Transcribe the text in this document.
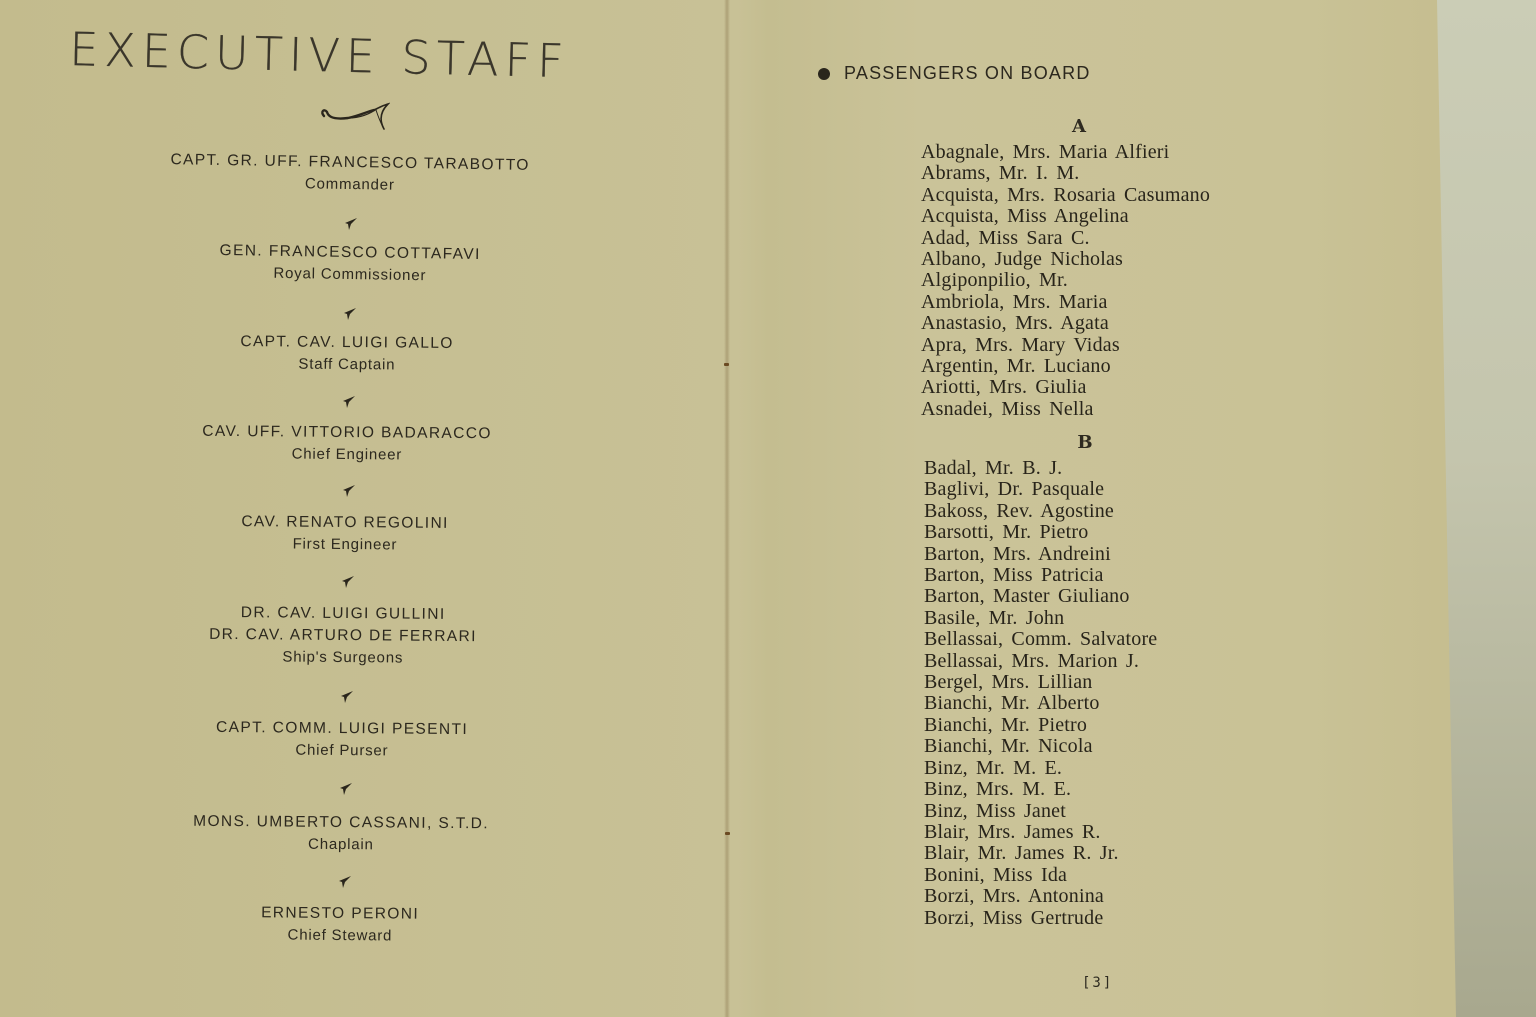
EXECUTIVE STAFF
CAPT. GR. UFF. FRANCESCO TARABOTTO
Commander
GEN. FRANCESCO COTTAFAVI
Royal Commissioner
CAPT. CAV. LUIGI GALLO
Staff Captain
CAV. UFF. VITTORIO BADARACCO
Chief Engineer
CAV. RENATO REGOLINI
First Engineer
DR. CAV. LUIGI GULLINI
DR. CAV. ARTURO DE FERRARI
Ship's Surgeons
CAPT. COMM. LUIGI PESENTI
Chief Purser
MONS. UMBERTO CASSANI, S.T.D.
Chaplain
ERNESTO PERONI
Chief Steward
PASSENGERS ON BOARD
A
Abagnale, Mrs. Maria Alfieri
Abrams, Mr. I. M.
Acquista, Mrs. Rosaria Casumano
Acquista, Miss Angelina
Adad, Miss Sara C.
Albano, Judge Nicholas
Algiponpilio, Mr.
Ambriola, Mrs. Maria
Anastasio, Mrs. Agata
Apra, Mrs. Mary Vidas
Argentin, Mr. Luciano
Ariotti, Mrs. Giulia
Asnadei, Miss Nella
B
Badal, Mr. B. J.
Baglivi, Dr. Pasquale
Bakoss, Rev. Agostine
Barsotti, Mr. Pietro
Barton, Mrs. Andreini
Barton, Miss Patricia
Barton, Master Giuliano
Basile, Mr. John
Bellassai, Comm. Salvatore
Bellassai, Mrs. Marion J.
Bergel, Mrs. Lillian
Bianchi, Mr. Alberto
Bianchi, Mr. Pietro
Bianchi, Mr. Nicola
Binz, Mr. M. E.
Binz, Mrs. M. E.
Binz, Miss Janet
Blair, Mrs. James R.
Blair, Mr. James R. Jr.
Bonini, Miss Ida
Borzi, Mrs. Antonina
Borzi, Miss Gertrude
[3]
